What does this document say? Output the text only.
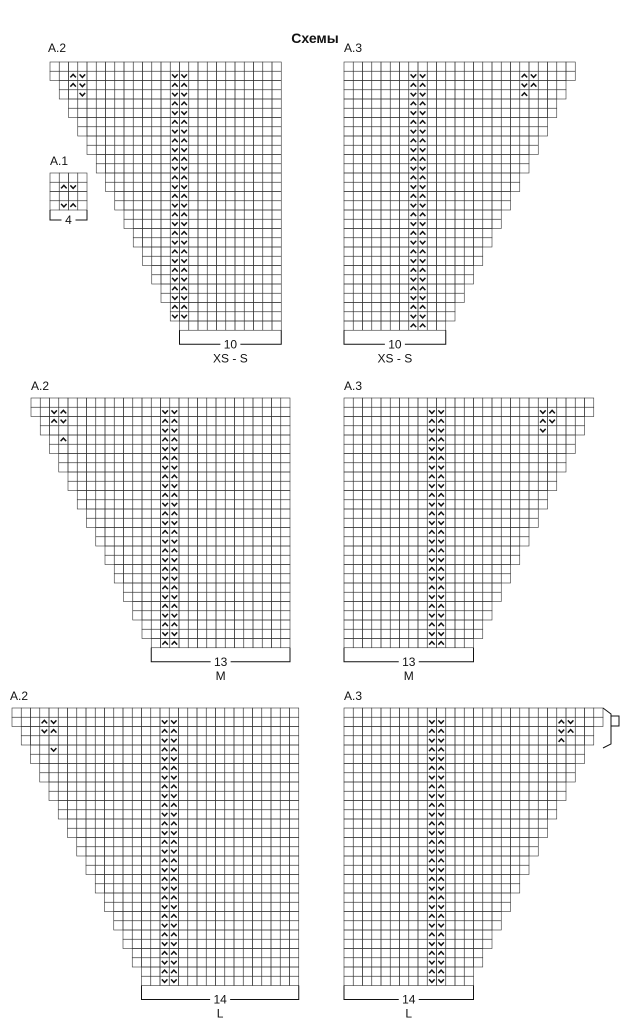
Схемы
A.2
10
XS - S
A.3
10
XS - S
A.2
13
M
A.3
13
M
A.2
14
L
A.3
14
L
A.1
4
